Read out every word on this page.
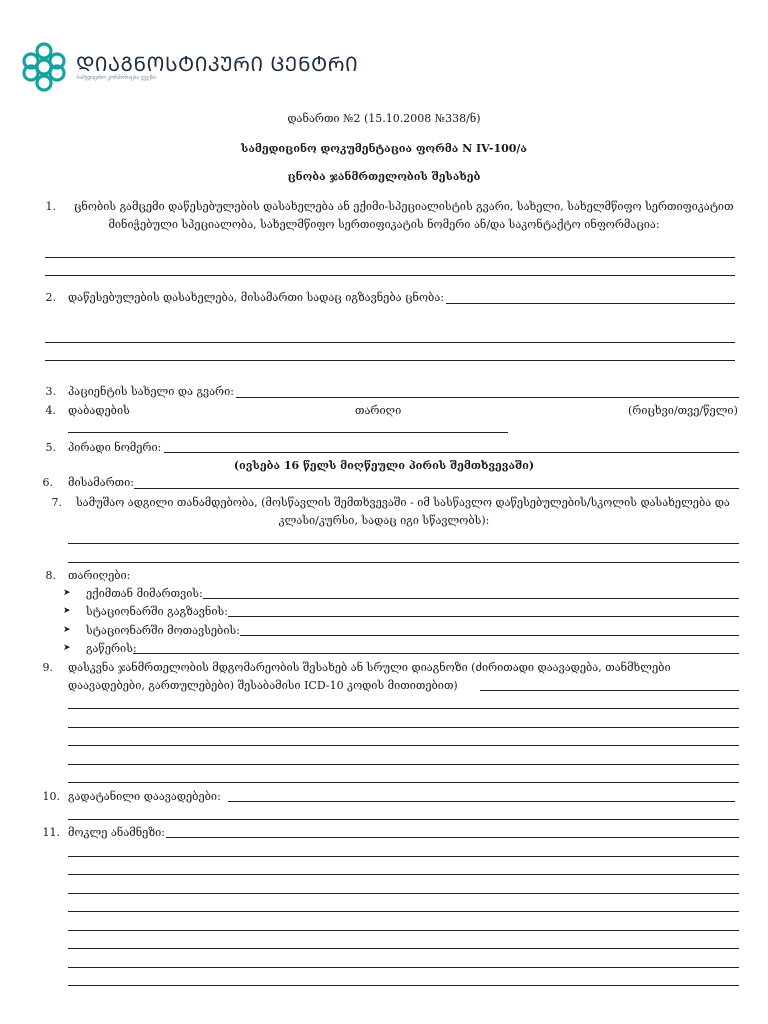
ᲓᲘᲐᲒᲜᲝᲡᲢᲘᲙᲣᲠᲘ ᲪᲔᲜᲢᲠᲘ
სამედიცინო კორპორაცია ევექსი
დანართი №2 (15.10.2008 №338/ნ)
სამედიცინო დოკუმენტაცია ფორმა N IV-100/ა
ცნობა ჯანმრთელობის შესახებ
1. ცნობის გამცემი დაწესებულების დასახელება ან ექიმი-სპეციალისტის გვარი, სახელი, სახელმწიფო სერთიფიკატით
მინიჭებული სპეციალობა, სახელმწიფო სერთიფიკატის ნომერი ან/და საკონტაქტო ინფორმაცია:
2. დაწესებულების დასახელება, მისამართი სადაც იგზავნება ცნობა:
3. პაციენტის სახელი და გვარი:
4. დაბადების	თარიღი	(რიცხვი/თვე/წელი)
5. პირადი ნომერი:
(ივსება 16 წელს მიღწეული პირის შემთხვევაში)
6. მისამართი:
7. სამუშაო ადგილი თანამდებობა, (მოსწავლის შემთხვევაში - იმ სასწავლო დაწესებულების/სკოლის დასახელება და
კლასი/კურსი, სადაც იგი სწავლობს):
8. თარიღები:
➤ ექიმთან მიმართვის:
➤ სტაციონარში გაგზავნის:
➤ სტაციონარში მოთავსების:
➤ გაწერის:
9. დასკვნა ჯანმრთელობის მდგომარეობის შესახებ ან სრული დიაგნოზი (ძირითადი დაავადება, თანმხლები
დაავადებები, გართულებები) შესაბამისი ICD-10 კოდის მითითებით)
10. გადატანილი დაავადებები:
11. მოკლე ანამნეზი:
